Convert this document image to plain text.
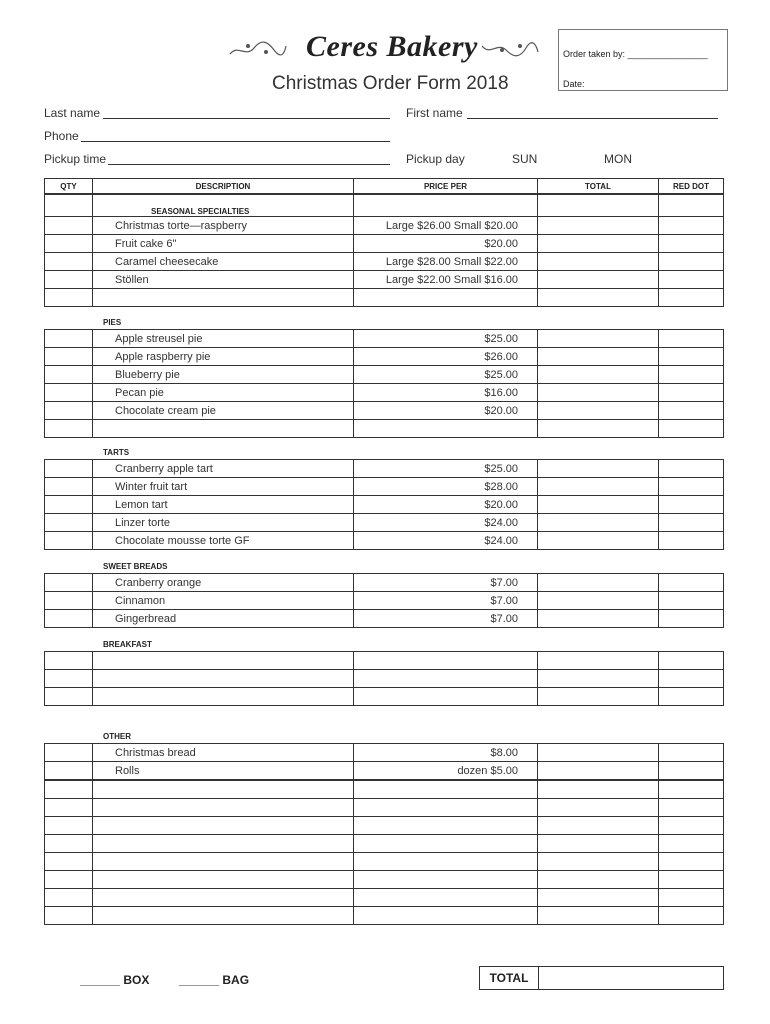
Ceres Bakery
Christmas Order Form 2018
Order taken by: ________________
Date:
Last name	First name
Phone
Pickup time	Pickup day	SUN	MON
QTY	DESCRIPTION	PRICE PER	TOTAL	RED DOT
	SEASONAL SPECIALTIES			
	Christmas torte—raspberry	Large $26.00 Small $20.00		
	Fruit cake 6"	$20.00		
	Caramel cheesecake	Large $28.00 Small $22.00		
	Stöllen	Large $22.00 Small $16.00		

PIES
	Apple streusel pie	$25.00		
	Apple raspberry pie	$26.00		
	Blueberry pie	$25.00		
	Pecan pie	$16.00		
	Chocolate cream pie	$20.00		

TARTS
	Cranberry apple tart	$25.00		
	Winter fruit tart	$28.00		
	Lemon tart	$20.00		
	Linzer torte	$24.00		
	Chocolate mousse torte GF	$24.00		
SWEET BREADS
	Cranberry orange	$7.00		
	Cinnamon	$7.00		
	Gingerbread	$7.00		
BREAKFAST

OTHER
	Christmas bread	$8.00		
	Rolls	dozen $5.00		

______ BOX ______ BAG	TOTAL
